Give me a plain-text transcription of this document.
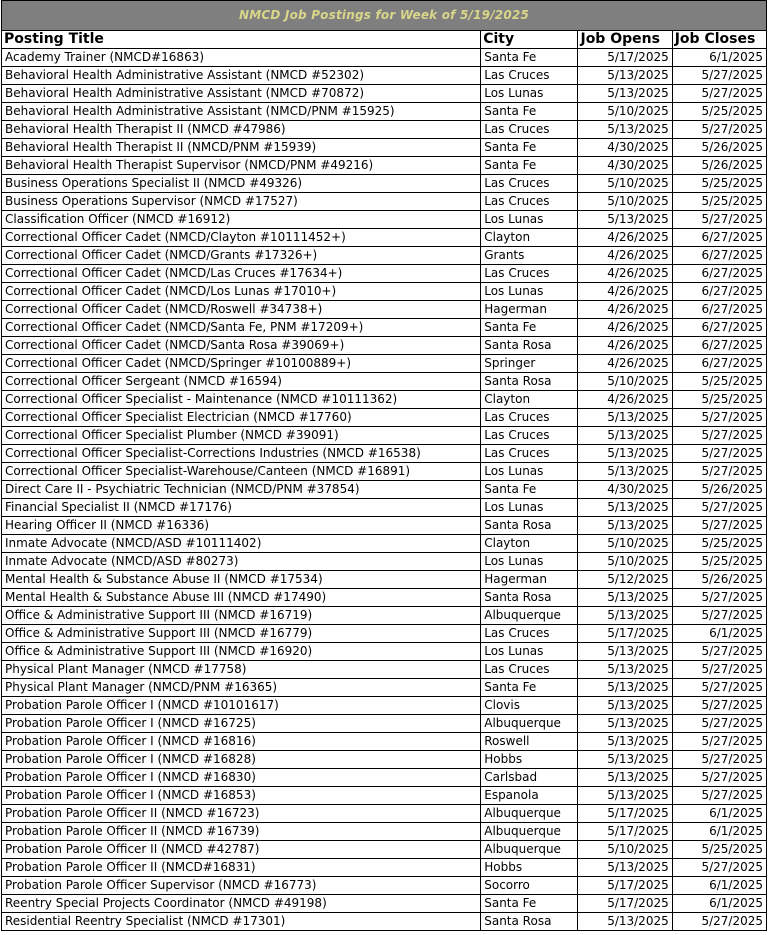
NMCD Job Postings for Week of 5/19/2025			
Posting Title	City	Job Opens	Job Closes
Academy Trainer (NMCD#16863)	Santa Fe	5/17/2025	6/1/2025
Behavioral Health Administrative Assistant (NMCD #52302)	Las Cruces	5/13/2025	5/27/2025
Behavioral Health Administrative Assistant (NMCD #70872)	Los Lunas	5/13/2025	5/27/2025
Behavioral Health Administrative Assistant (NMCD/PNM #15925)	Santa Fe	5/10/2025	5/25/2025
Behavioral Health Therapist II (NMCD #47986)	Las Cruces	5/13/2025	5/27/2025
Behavioral Health Therapist II (NMCD/PNM #15939)	Santa Fe	4/30/2025	5/26/2025
Behavioral Health Therapist Supervisor (NMCD/PNM #49216)	Santa Fe	4/30/2025	5/26/2025
Business Operations Specialist II (NMCD #49326)	Las Cruces	5/10/2025	5/25/2025
Business Operations Supervisor (NMCD #17527)	Las Cruces	5/10/2025	5/25/2025
Classification Officer (NMCD #16912)	Los Lunas	5/13/2025	5/27/2025
Correctional Officer Cadet (NMCD/Clayton #10111452+)	Clayton	4/26/2025	6/27/2025
Correctional Officer Cadet (NMCD/Grants #17326+)	Grants	4/26/2025	6/27/2025
Correctional Officer Cadet (NMCD/Las Cruces #17634+)	Las Cruces	4/26/2025	6/27/2025
Correctional Officer Cadet (NMCD/Los Lunas #17010+)	Los Lunas	4/26/2025	6/27/2025
Correctional Officer Cadet (NMCD/Roswell #34738+)	Hagerman	4/26/2025	6/27/2025
Correctional Officer Cadet (NMCD/Santa Fe, PNM #17209+)	Santa Fe	4/26/2025	6/27/2025
Correctional Officer Cadet (NMCD/Santa Rosa #39069+)	Santa Rosa	4/26/2025	6/27/2025
Correctional Officer Cadet (NMCD/Springer #10100889+)	Springer	4/26/2025	6/27/2025
Correctional Officer Sergeant (NMCD #16594)	Santa Rosa	5/10/2025	5/25/2025
Correctional Officer Specialist - Maintenance (NMCD #10111362)	Clayton	4/26/2025	5/25/2025
Correctional Officer Specialist Electrician (NMCD #17760)	Las Cruces	5/13/2025	5/27/2025
Correctional Officer Specialist Plumber (NMCD #39091)	Las Cruces	5/13/2025	5/27/2025
Correctional Officer Specialist-Corrections Industries (NMCD #16538)	Las Cruces	5/13/2025	5/27/2025
Correctional Officer Specialist-Warehouse/Canteen (NMCD #16891)	Los Lunas	5/13/2025	5/27/2025
Direct Care II - Psychiatric Technician (NMCD/PNM #37854)	Santa Fe	4/30/2025	5/26/2025
Financial Specialist II (NMCD #17176)	Los Lunas	5/13/2025	5/27/2025
Hearing Officer II (NMCD #16336)	Santa Rosa	5/13/2025	5/27/2025
Inmate Advocate (NMCD/ASD #10111402)	Clayton	5/10/2025	5/25/2025
Inmate Advocate (NMCD/ASD #80273)	Los Lunas	5/10/2025	5/25/2025
Mental Health & Substance Abuse II (NMCD #17534)	Hagerman	5/12/2025	5/26/2025
Mental Health & Substance Abuse III (NMCD #17490)	Santa Rosa	5/13/2025	5/27/2025
Office & Administrative Support III (NMCD #16719)	Albuquerque	5/13/2025	5/27/2025
Office & Administrative Support III (NMCD #16779)	Las Cruces	5/17/2025	6/1/2025
Office & Administrative Support III (NMCD #16920)	Los Lunas	5/13/2025	5/27/2025
Physical Plant Manager (NMCD #17758)	Las Cruces	5/13/2025	5/27/2025
Physical Plant Manager (NMCD/PNM #16365)	Santa Fe	5/13/2025	5/27/2025
Probation Parole Officer I (NMCD #10101617)	Clovis	5/13/2025	5/27/2025
Probation Parole Officer I (NMCD #16725)	Albuquerque	5/13/2025	5/27/2025
Probation Parole Officer I (NMCD #16816)	Roswell	5/13/2025	5/27/2025
Probation Parole Officer I (NMCD #16828)	Hobbs	5/13/2025	5/27/2025
Probation Parole Officer I (NMCD #16830)	Carlsbad	5/13/2025	5/27/2025
Probation Parole Officer I (NMCD #16853)	Espanola	5/13/2025	5/27/2025
Probation Parole Officer II (NMCD #16723)	Albuquerque	5/17/2025	6/1/2025
Probation Parole Officer II (NMCD #16739)	Albuquerque	5/17/2025	6/1/2025
Probation Parole Officer II (NMCD #42787)	Albuquerque	5/10/2025	5/25/2025
Probation Parole Officer II (NMCD#16831)	Hobbs	5/13/2025	5/27/2025
Probation Parole Officer Supervisor (NMCD #16773)	Socorro	5/17/2025	6/1/2025
Reentry Special Projects Coordinator (NMCD #49198)	Santa Fe	5/17/2025	6/1/2025
Residential Reentry Specialist (NMCD #17301)	Santa Rosa	5/13/2025	5/27/2025
